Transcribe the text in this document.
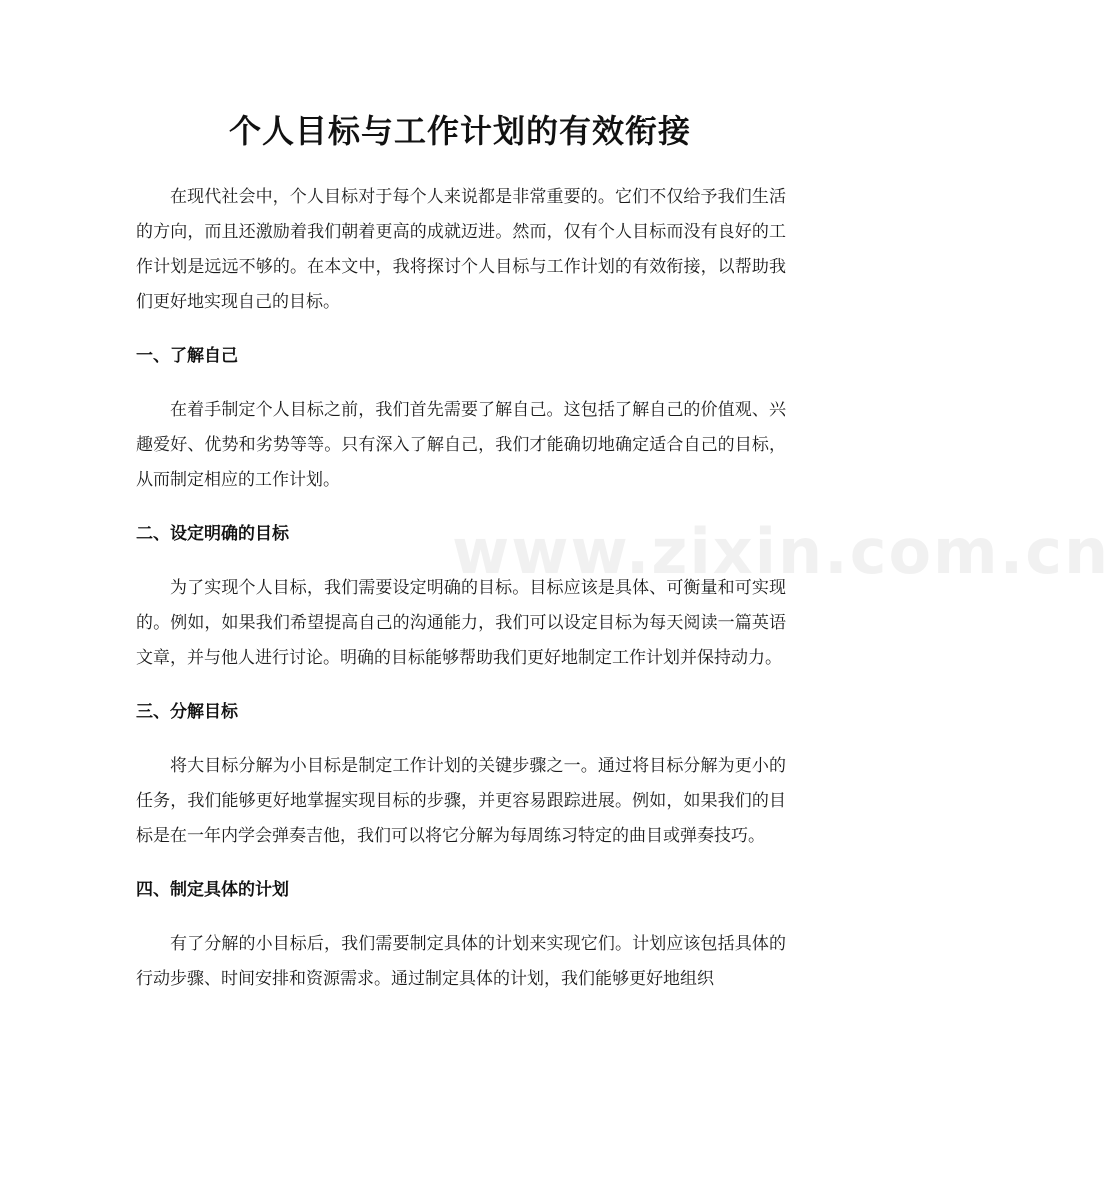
www.zixin.com.cn
个人目标与工作计划的有效衔接

在现代社会中，个人目标对于每个人来说都是非常重要的。它们不仅给予我们生活的方向，而且还激励着我们朝着更高的成就迈进。然而，仅有个人目标而没有良好的工作计划是远远不够的。在本文中，我将探讨个人目标与工作计划的有效衔接，以帮助我们更好地实现自己的目标。

一、了解自己

在着手制定个人目标之前，我们首先需要了解自己。这包括了解自己的价值观、兴趣爱好、优势和劣势等等。只有深入了解自己，我们才能确切地确定适合自己的目标，从而制定相应的工作计划。

二、设定明确的目标

为了实现个人目标，我们需要设定明确的目标。目标应该是具体、可衡量和可实现的。例如，如果我们希望提高自己的沟通能力，我们可以设定目标为每天阅读一篇英语文章，并与他人进行讨论。明确的目标能够帮助我们更好地制定工作计划并保持动力。

三、分解目标

将大目标分解为小目标是制定工作计划的关键步骤之一。通过将目标分解为更小的任务，我们能够更好地掌握实现目标的步骤，并更容易跟踪进展。例如，如果我们的目标是在一年内学会弹奏吉他，我们可以将它分解为每周练习特定的曲目或弹奏技巧。

四、制定具体的计划

有了分解的小目标后，我们需要制定具体的计划来实现它们。计划应该包括具体的行动步骤、时间安排和资源需求。通过制定具体的计划，我们能够更好地组织
